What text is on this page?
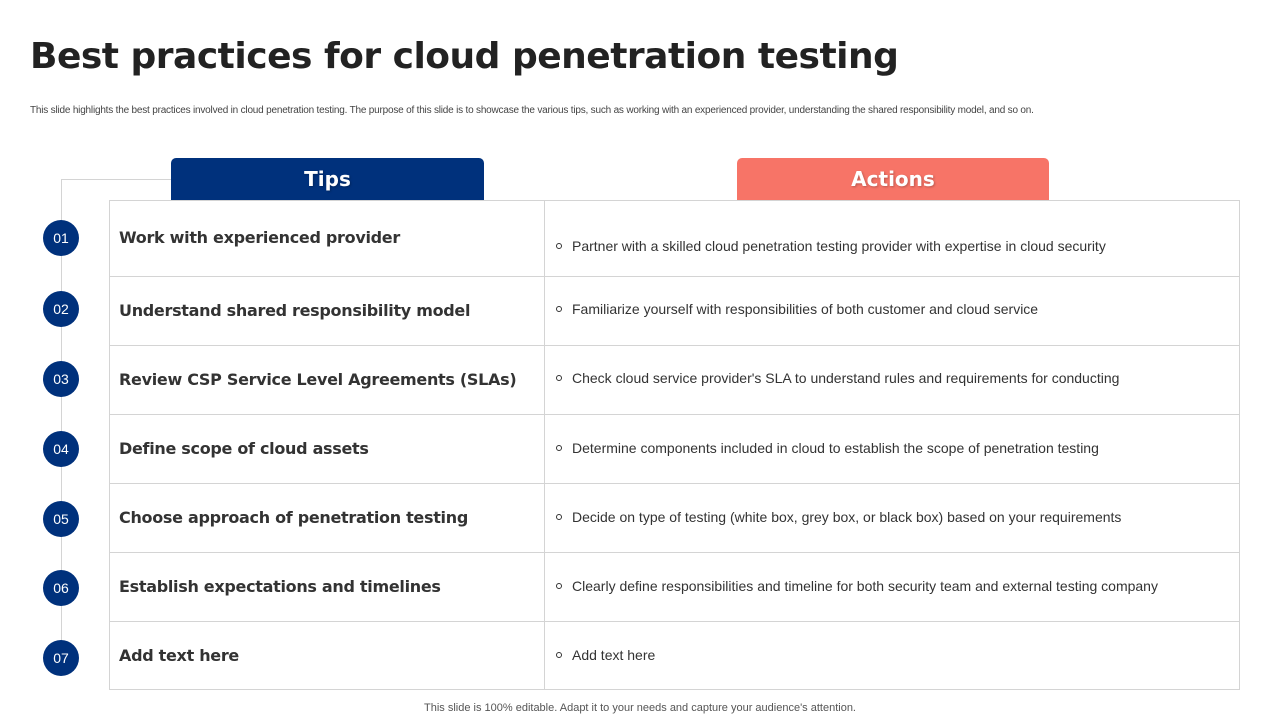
Best practices for cloud penetration testing
This slide highlights the best practices involved in cloud penetration testing. The purpose of this slide is to showcase the various tips, such as working with an experienced provider, understanding the shared responsibility model, and so on.
Tips	Actions
01	Work with experienced provider	Partner with a skilled cloud penetration testing provider with expertise in cloud security
02	Understand shared responsibility model	Familiarize yourself with responsibilities of both customer and cloud service
03	Review CSP Service Level Agreements (SLAs)	Check cloud service provider's SLA to understand rules and requirements for conducting
04	Define scope of cloud assets	Determine components included in cloud to establish the scope of penetration testing
05	Choose approach of penetration testing	Decide on type of testing (white box, grey box, or black box) based on your requirements
06	Establish expectations and timelines	Clearly define responsibilities and timeline for both security team and external testing company
07	Add text here	Add text here
This slide is 100% editable. Adapt it to your needs and capture your audience's attention.
